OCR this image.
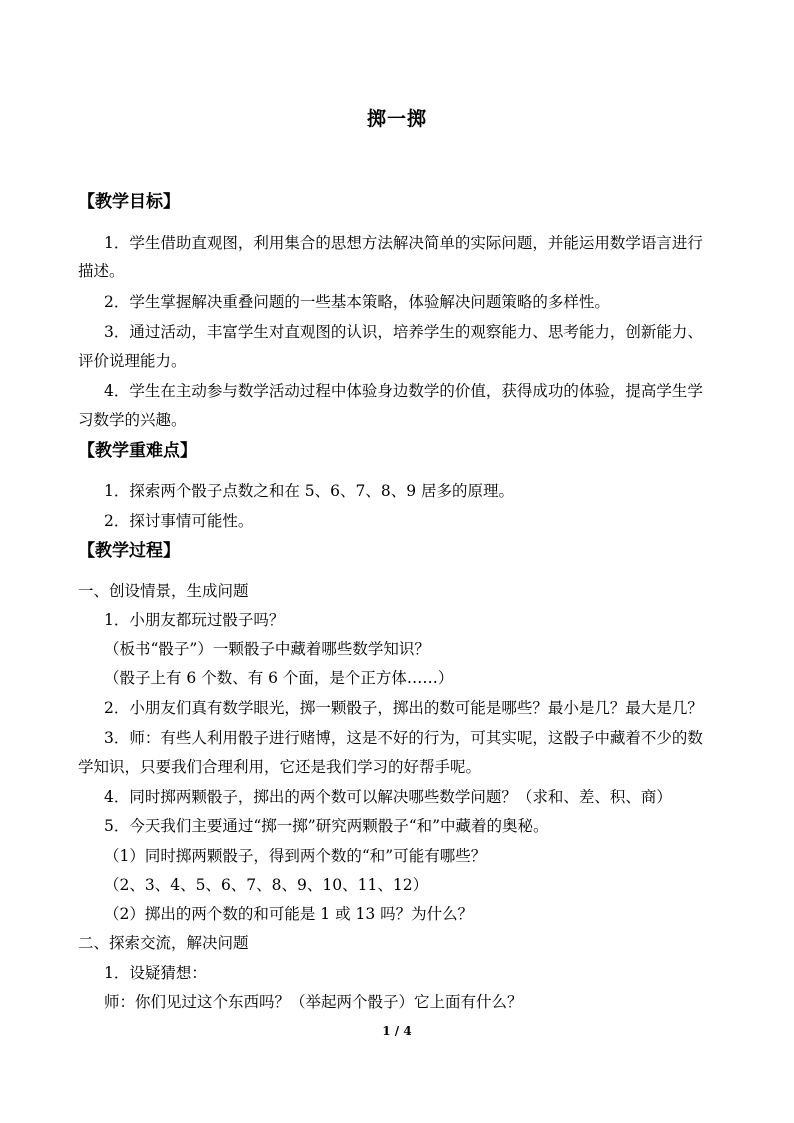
掷一掷
【教学目标】
1．学生借助直观图，利用集合的思想方法解决简单的实际问题，并能运用数学语言进行
描述。
2．学生掌握解决重叠问题的一些基本策略，体验解决问题策略的多样性。
3．通过活动，丰富学生对直观图的认识，培养学生的观察能力、思考能力，创新能力、
评价说理能力。
4．学生在主动参与数学活动过程中体验身边数学的价值，获得成功的体验，提高学生学
习数学的兴趣。
【教学重难点】
1．探索两个骰子点数之和在 5、6、7、8、9 居多的原理。
2．探讨事情可能性。
【教学过程】
一、创设情景，生成问题
1．小朋友都玩过骰子吗？
（板书“骰子”）一颗骰子中藏着哪些数学知识？
（骰子上有 6 个数、有 6 个面，是个正方体……）
2．小朋友们真有数学眼光，掷一颗骰子，掷出的数可能是哪些？最小是几？最大是几？
3．师：有些人利用骰子进行赌博，这是不好的行为，可其实呢，这骰子中藏着不少的数
学知识，只要我们合理利用，它还是我们学习的好帮手呢。
4．同时掷两颗骰子，掷出的两个数可以解决哪些数学问题？（求和、差、积、商）
5．今天我们主要通过“掷一掷”研究两颗骰子“和”中藏着的奥秘。
（1）同时掷两颗骰子，得到两个数的“和”可能有哪些？
（2、3、4、5、6、7、8、9、10、11、12）
（2）掷出的两个数的和可能是 1 或 13 吗？为什么？
二、探索交流，解决问题
1．设疑猜想：
师：你们见过这个东西吗？（举起两个骰子）它上面有什么？
1 / 4
